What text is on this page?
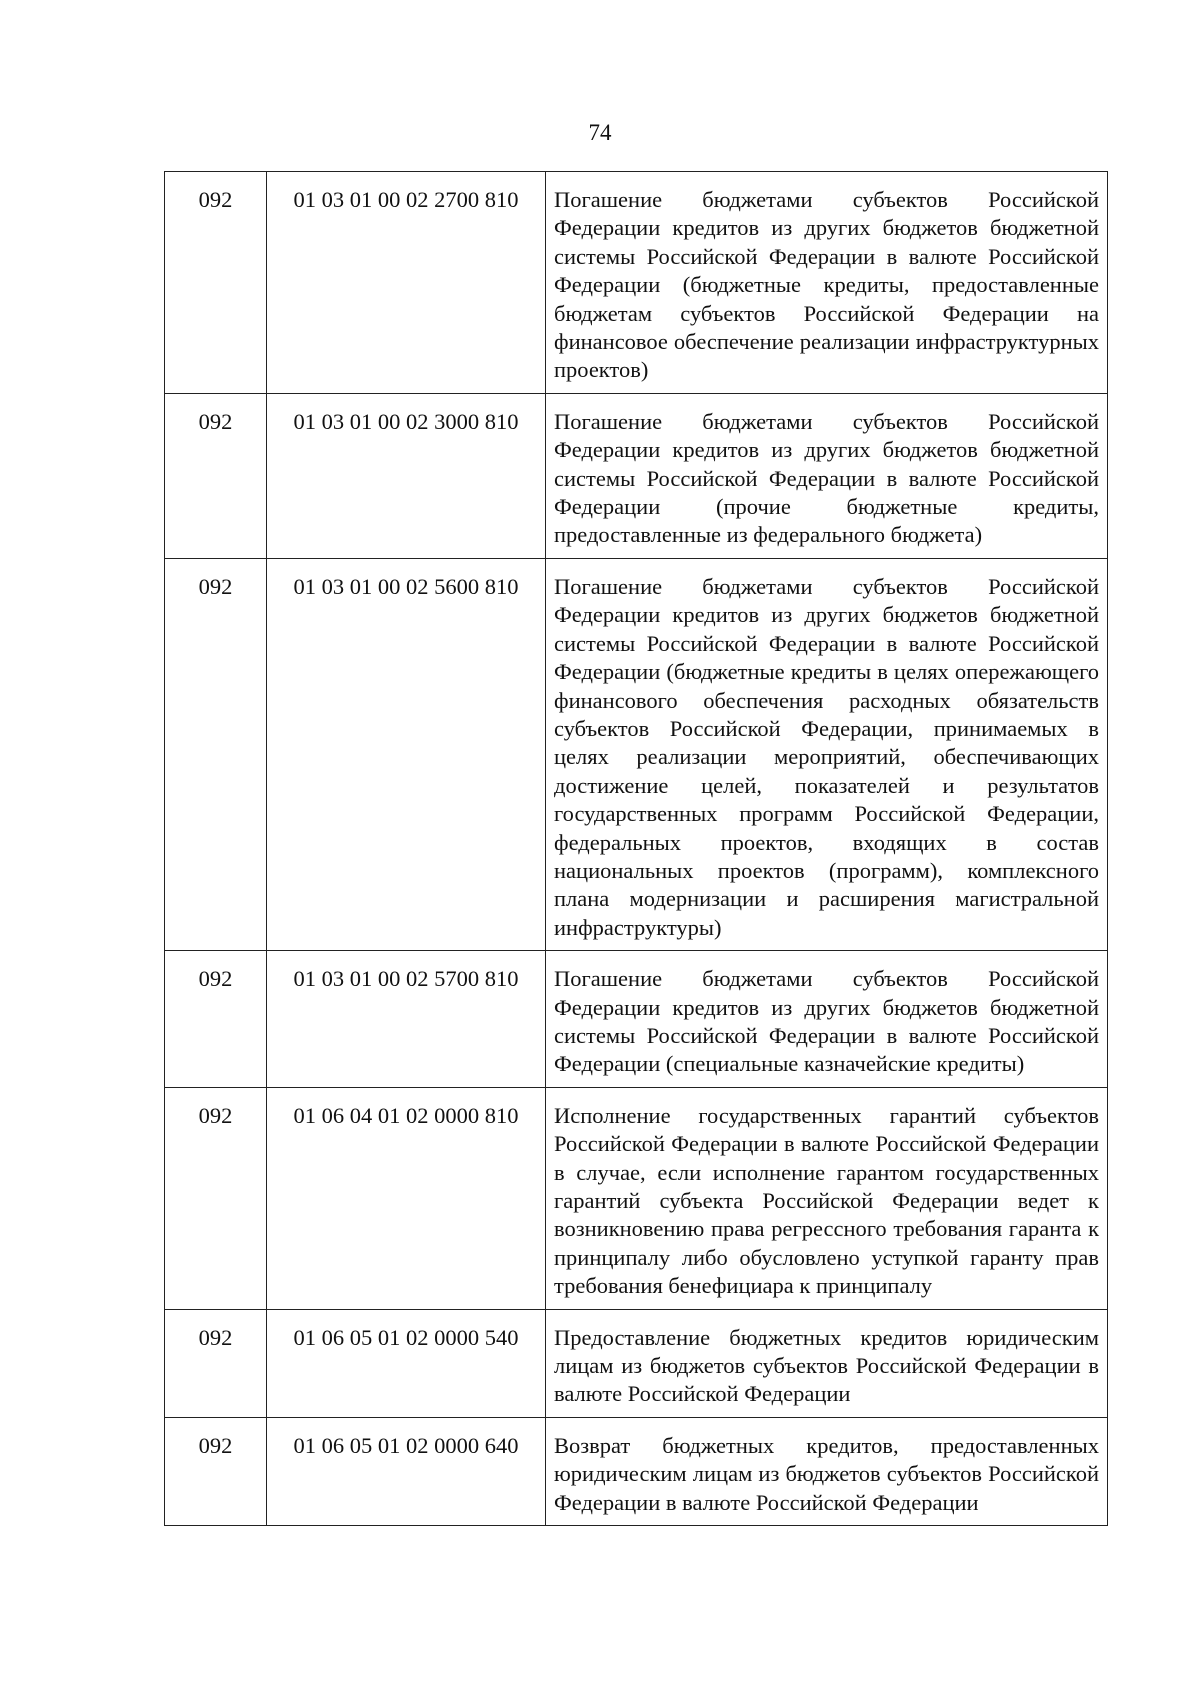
74
092	01 03 01 00 02 2700 810	Погашение бюджетами субъектов Российской Федерации кредитов из других бюджетов бюджетной системы Российской Федерации в валюте Российской Федерации (бюджетные кредиты, предоставленные бюджетам субъектов Российской Федерации на финансовое обеспечение реализации инфраструктурных проектов)
092	01 03 01 00 02 3000 810	Погашение бюджетами субъектов Российской Федерации кредитов из других бюджетов бюджетной системы Российской Федерации в валюте Российской Федерации (прочие бюджетные кредиты, предоставленные из федерального бюджета)
092	01 03 01 00 02 5600 810	Погашение бюджетами субъектов Российской Федерации кредитов из других бюджетов бюджетной системы Российской Федерации в валюте Российской Федерации (бюджетные кредиты в целях опережающего финансового обеспечения расходных обязательств субъектов Российской Федерации, принимаемых в целях реализации мероприятий, обеспечивающих достижение целей, показателей и результатов государственных программ Российской Федерации, федеральных проектов, входящих в состав национальных проектов (программ), комплексного плана модернизации и расширения магистральной инфраструктуры)
092	01 03 01 00 02 5700 810	Погашение бюджетами субъектов Российской Федерации кредитов из других бюджетов бюджетной системы Российской Федерации в валюте Российской Федерации (специальные казначейские кредиты)
092	01 06 04 01 02 0000 810	Исполнение государственных гарантий субъектов Российской Федерации в валюте Российской Федерации в случае, если исполнение гарантом государственных гарантий субъекта Российской Федерации ведет к возникновению права регрессного требования гаранта к принципалу либо обусловлено уступкой гаранту прав требования бенефициара к принципалу
092	01 06 05 01 02 0000 540	Предоставление бюджетных кредитов юридическим лицам из бюджетов субъектов Российской Федерации в валюте Российской Федерации
092	01 06 05 01 02 0000 640	Возврат бюджетных кредитов, предоставленных юридическим лицам из бюджетов субъектов Российской Федерации в валюте Российской Федерации
